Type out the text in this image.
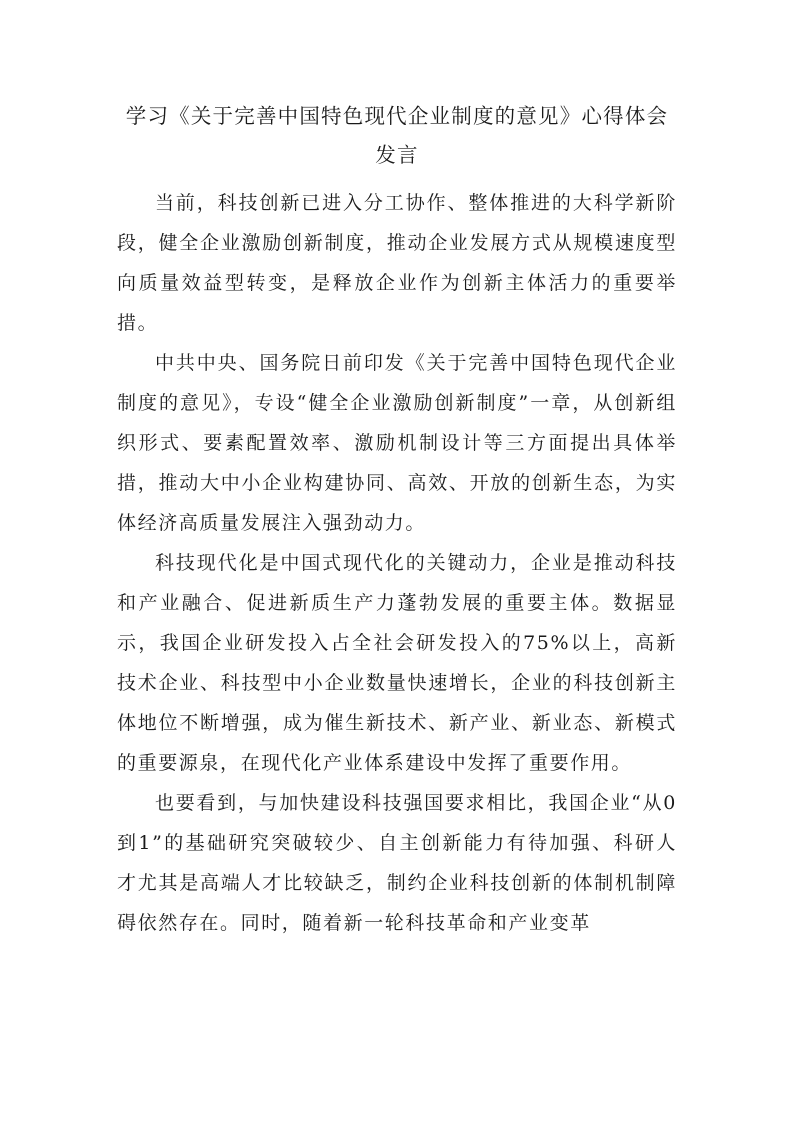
学习《关于完善中国特色现代企业制度的意见》心得体会发言

当前，科技创新已进入分工协作、整体推进的大科学新阶段，健全企业激励创新制度，推动企业发展方式从规模速度型向质量效益型转变，是释放企业作为创新主体活力的重要举措。

中共中央、国务院日前印发《关于完善中国特色现代企业制度的意见》，专设“健全企业激励创新制度”一章，从创新组织形式、要素配置效率、激励机制设计等三方面提出具体举措，推动大中小企业构建协同、高效、开放的创新生态，为实体经济高质量发展注入强劲动力。

科技现代化是中国式现代化的关键动力，企业是推动科技和产业融合、促进新质生产力蓬勃发展的重要主体。数据显示，我国企业研发投入占全社会研发投入的75%以上，高新技术企业、科技型中小企业数量快速增长，企业的科技创新主体地位不断增强，成为催生新技术、新产业、新业态、新模式的重要源泉，在现代化产业体系建设中发挥了重要作用。

也要看到，与加快建设科技强国要求相比，我国企业“从0到1”的基础研究突破较少、自主创新能力有待加强、科研人才尤其是高端人才比较缺乏，制约企业科技创新的体制机制障碍依然存在。同时，随着新一轮科技革命和产业变革
